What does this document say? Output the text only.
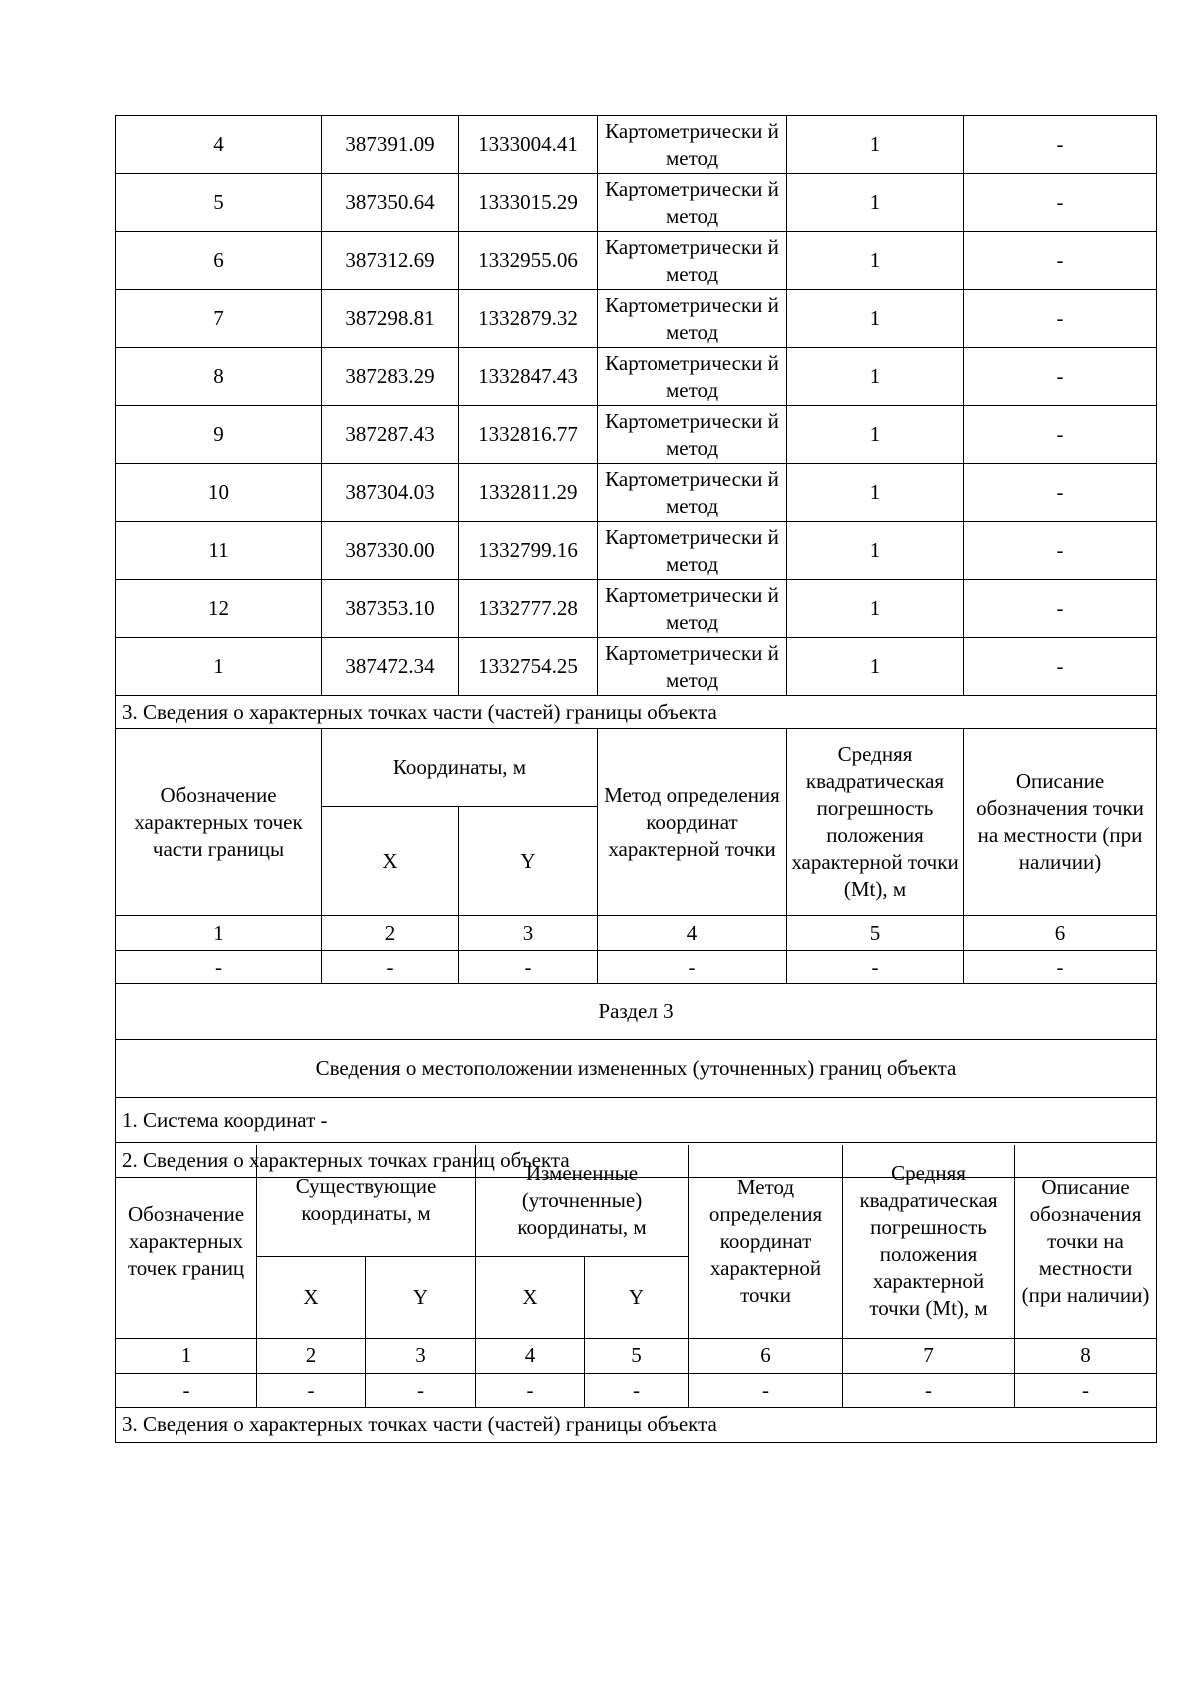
4	387391.09	1333004.41	Картометрически й метод	1	-
5	387350.64	1333015.29	Картометрически й метод	1	-
6	387312.69	1332955.06	Картометрически й метод	1	-
7	387298.81	1332879.32	Картометрически й метод	1	-
8	387283.29	1332847.43	Картометрически й метод	1	-
9	387287.43	1332816.77	Картометрически й метод	1	-
10	387304.03	1332811.29	Картометрически й метод	1	-
11	387330.00	1332799.16	Картометрически й метод	1	-
12	387353.10	1332777.28	Картометрически й метод	1	-
1	387472.34	1332754.25	Картометрически й метод	1	-
3. Сведения о характерных точках части (частей) границы объекта					
Обозначение характерных точек части границы	Координаты, м		Метод определения координат характерной точки	Средняя квадратическая погрешность положения характерной точки (Mt), м	Описание обозначения точки на местности (при наличии)
	X	Y			
1	2	3	4	5	6
-	-	-	-	-	-
Раздел 3					
Сведения о местоположении измененных (уточненных) границ объекта					
1. Система координат -					
2. Сведения о характерных точках границ объекта					
Обозначение характерных точек границ	Существующие координаты, м		Измененные (уточненные) координаты, м		Метод определения координат характерной точки	Средняя квадратическая погрешность положения характерной точки (Mt), м	Описание обозначения точки на местности (при наличии)
	X	Y	X	Y			
1	2	3	4	5	6	7	8
-	-	-	-	-	-	-	-
3. Сведения о характерных точках части (частей) границы объекта							
